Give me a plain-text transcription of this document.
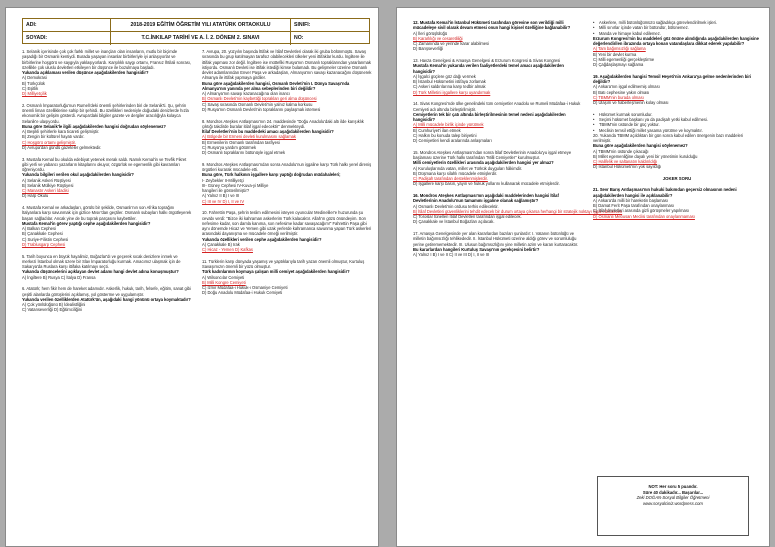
ADI:	2018-2019 EĞİTİM ÖĞRETİM YILI ATATÜRK ORTAOKULU	SINIFI:
SOYADI:	T.C.İNKILAP TARİHİ VE A. İ. 2. DÖNEM 2. SINAVI	NO:
1. Selanik içerisinde çok çok farklı millet ve inançları olan insanların, mutlu bir biçimde yaşadığı bir Osmanlı kentiydi. Burada yaşayan insanlar birbirleriyle iyi anlaşıyorlar ve birbirlerine hoşgörü ve saygıyla yaklaşıyorlardı. Karşılıklı saygı ortamı, Fransız İhtilali sonrası, özellikle çok uluslu devletleri etkileyen bir düşünce ile bozulmaya başladı.
Yukarıda açıklaması verilen düşünce aşağıdakilerden hangisidir?
A) Demokrasi
B) Türkçülük
C) Eşitlik
D) Milliyetçilik
2. Osmanlı İmparatorluğu'nun Rumeli'deki önemli şehirlerinden biri de Selanik'ti. Şu, şehrin önemli liman özelliklerine sahip bir şehirdi. Bu özellikleri nedeniyle doğudaki denizlerde hızla ekonomik bir gelişim gösterdi. Avrupa'daki bilgiler gazete ve dergiler aracılığıyla kolayca Selanik'e ulaşıyordu.
Buna göre Selanik'le ilgili aşağıdakilerden hangisi doğrudan söylenemez?
A) Beşikli şehirlerle kara ticareti gelişmiştir.
B) Zengin bir kültürel hayatı vardır.
C) Hoşgörü ortamı gelişmiştir.
D) Avrupa'dan gündü gazeteler gelmektedir.
3. Mustafa Kemal bu okulda edebiyat yetenek merak saldı. Namık Kemal'in ve Tevfik Fikret gibi yerli ve yabancı yazarların kitaplarını okuyor, özgürlük ve egemenlik gibi kavramları öğreniyordu.
Yukarıda bilgileri verilen okul aşağıdakilerden hangisidir?
A) Selanik Askeri Rüştiyesi
B) Selanik Mülkiye Rüştiyesi
C) Manastır Askeri İdadisi
D) Harp Okulu
4. Mustafa Kemal ve arkadaşları, görülü bir şekilde, Osmanlı'nın son Afrika toprağını İtalyanlara karşı savunmak için gizlice Mısır'dan geçtiler. Osmanlı subayları halkı örgütleyerek başarı sağladılar. Ancak yine de bu toprak parçasını kaybettiler.
Mustafa Kemal'in görev yaptığı cephe aşağıdakilerden hangisidir?
A) Balkan Cephesi
B) Çanakkale Cephesi
C) Suriye-Filistin Cephesi
D) Trablusgarp Cephesi
5. Tarih boyunca en büyük hayalimiz, Boğazlar'dı ve geçerek sıcak denizlere inmek ve merkezi İstanbul olmak üzere bir Slav İmparatorluğu kurmak. Amacımız ulaşmak için de Sakarya'da Ruslara karşı ittifaka katılmayı seçti.
Yukarıda düşüncelerini açıklayan devlet adamı hangi devlet adına konuşmuştur?
A) İngiltere B) Rusya C) İtalya D) Fransa
6. Atatürk; hem fikir hem de hareket adamıdır. Askerlik, hukuk, tarih, felsefe, eğitim, sanat gibi çeşitli alanlarda görüşlerini açıklamış, yol gösterme ve uygulamıştır.
Yukarıda verilen özelliklerden Atatürk'ün, aşağıdaki hangi yönünü ortaya koymaktadır?
A) Çok yönlülüğünü B) İdealistliğini
C) Vatanseverliği D) Eğitimciliğini
7. Avrupa, 20. yüzyılın başında İttifak ve İtilaf Devletleri olarak iki gruba bölünmüştü. Savaş sırasında bu grup katılmayan tarafsız olabilecekleri ülkeler yeni ittifaklar kurdu. İngiltere ile ittifak yapması zor değil. İngiltere ise müttefiki Rusya'nın Osmanlı topraklarından yararlanmak istiyordu. Osmanlı Devleti ise ittifak istediği kimse bulamadı. Bu gelişmeler üzerine Osmanlı devlet adamlarından Enver Paşa ve arkadaşları, Almanya'nın savaşı kazanacağını düşünerek Almanya ile ittifak yapmaya girdiler.
Buna göre aşağıdakilerden hangisi, Osmanlı Devleti'nin I. Dünya Savaşı'nda Almanya'nın yanında yer alma sebeplerinden biri değildir?
A) Almanya'nın savaşı kazanacağına olan inancı
B) Osmanlı Devleti'nin kaybettiği toprakları geri alma düşüncesi
C) Savaş sırasında Osmanlı Devleti'nin yalnız kalma korkusu
D) Rusya'nın Osmanlı Devleti'nin topraklarını paylaşmak istemesi
8. Mondros Ateşkes Antlaşması'nın 24. maddesinde "Doğu Anadolu'daki altı ilde karışıklık çıktığı takdirde buralar itilaf işgal edecektir" denmekteydi.
İtilaf Devletleri'nin bu maddedeki amacı aşağıdakilerden hangisidir?
A) Bölgede bir Ermeni devleti kurulmasını sağlamak
B) Ermenilerin Osmanlı tarafından tasfiyesi
C) Rusya'ya yardım götürmek
D) Osmanlı topraklarını bütünüyle işgal etmek
9. Mondros Ateşkes Antlaşması'ndan sonra Anadolu'nun işgaline karşı Türk halkı yerel direniş örgütleri kurarak mücadele etti.
Buna göre, Türk halkının işgallere karşı yaptığı doğrudan müdahaleleri;
I- Zeybekler II-Milliyetçi
III- Güney Cephesi IV-Kuva-yi Milliye
hangileri ile gösterilmiştir?
A) Yalnız II B) I ve III
C) III ve IV D) I, II ve IV
10. Fahrettin Paşa, şehrin teslim edilmesini isteyen oyuncular Medineliler'e huzurunda şu cevabı verdi: "Bizce iki kahraman askerlerim Türk kalacaktır. Allah'ın gözü önündeyim. Son nefesime kadar, son damla kanıma, son nefesime kadar savaşacağım!" Fahrettin Paşa gibi aynı dönemde Hicaz ve Yemen gibi uzak yerlerde kahramanca savunma yapan Türk askerleri arasındaki dayanışma ve mücadele örneği verilmiştir.
Yukarıda özellikleri verilen cephe aşağıdakilerden hangisidir?
A) Çanakkale B) Irak
C) Hicaz - Yemen D) Kafkas
11. Türklerin karşı dünyada yaşamış ve yaptıklarıyla tarih yazan önemli olmuştur, Kurtuluş Savaşımızın önemli bir yüzü olmuştur.
Türk kadınlarının koymaya çalışan milli cemiyet aşağıdakilerden hangisidir?
A) Wilsoncılar Cemiyeti
B) Milli Kongre Cemiyeti
C) İzmir Müdafaa-i Hukuk-ı Osmaniye Cemiyeti
D) Doğu Anadolu Müdafaa-i Hukuk Cemiyeti
12. Mustafa Kemal'in İstanbul Hükümeti tarafından görevine son verildiği milli mücadeleye sivil olarak devam etmesi onun hangi kişisel özelliğine bağlanabilir?
A) İleri görüşlülüğü
B) Kararlılığı ve cesaretliliği
C) Zamanında ve yerinde karar alabilmesi
D) Barışseverliği
13. Havza Genelgesi & Amasya Genelgesi & Erzurum Kongresi & Sivas Kongresi
Mustafa Kemal'in yukarıda verilen faaliyetlerdeki temel amacı aşağıdakilerden hangisidir?
A) İşgalci güçlere göz dağı vermek
B) İstanbul Hükümetini istifaya zorlamak
C) Askeri saldırılarına karşı tedbir almak
D) Türk Milletini işgallere karşı uyandırmak
14. Sivas Kongresi'nde ülke genelindeki tüm cemiyetler Anadolu ve Rumeli Müdafaa-i Hukuk Cemiyeti adı altında birleştirilmiştir.
Cemiyetlerin tek bir çatı altında birleştirilmesinin temel nedeni aşağıdakilerden hangisidir?
A) Milli mücadele birlik içinde yürütmek
B) Cumhuriyet'i ilan etmek
C) Halkın bu konuda talep biriyetini
D) Cemiyetleri kendi aralarında anlaşmaları
15. Mondros Ateşkes Antlaşması'ndan sonra İtilaf Devletlerinin Anadolu'yu işgal etmeye başlaması üzerine Türk halkı tarafından "Milli Cemiyetler" kurulmuştur.
Milli cemiyetlerin özellikleri arasında aşağıdakilerden hangisi yer almaz?
A) Kuruluşlarında vatan, millet ve Türkük duyguları hâkimdir.
B) Düşmana karşı silahlı mücadele etmişlerdir.
C) Padişah tarafından desteklenmişlerdir.
D) İşgallere karşı basın, yayın ve hukuk yollarını kullanarak mücadele etmişlerdir.
16. Mondros Ateşkes Antlaşması'nın aşağıdaki maddelerinden hangisi İtilaf Devletlerinin Anadolu'nun tamamını işgaline olanak sağlamıştır?
A) Osmanlı Devleti'nin ordusu terhis edilecektir.
B) İtilaf Devletleri güvenliklerini tehdit edecek bir durum ortaya çıkarsa herhangi bir stratejik noktayı işgal edebilecek
C) Toroslar tünelleri İtilaf Devletleri tarafından işgal edilecek.
D) Çanakkale ve İstanbul Boğazları açılacak.
17. Amasya Genelgesinde yer alan kararlardan bazıları şunlardır: I. Vatanın bütünlüğü ve milletin bağımsızlığı tehlikededir. II. İstanbul Hükümeti üzerine aldığı görev ve sorumluluğu yerine getirememektedir. III. Ulusun bağımsızlığını yine milletin azim ve kararı kurtaracaktır.
Bu kararlardan hangileri Kurtuluş Savaşı'nın gerekçesini belirtir?
A) Yalnız I B) I ve II C) II ve III D) I, II ve III
• Askerlere, milli bütünlüğümüzü sağladıkça görevlendirilmek işleri.
• Milli sınırlar içinde vatan bir bütündür, bölünemez.
• Manda ve himaye kabul edilemez.
Erzurum Kongresi'nin bu maddeleri göz önüne alındığında aşağıdakilerden hangisine değerlendirilen ibrazında ortaya konan vatandaşlara dikkat ederek yapılabilir?
A) Tam bağımsızlığı sağlama
B) Yeni bir devlet kurma
C) Milli egemenliği gerçekleştirme
D) Çağdaşlaşmayı sağlama
19. Aşağıdakilerden hangisi Temsil Heyeti'nin Ankara'ya gelme nedenlerinden biri değildir?
A) Ankara'nın işgal edilmemiş olması
B) Batı cephesine yakın olması
C) TBMM'nin burada olması
D) Ulaşım ve haberleşmenin kolay olması
• Hükümet kurmak sorumludur.
• Seçimi hükümet başkanı ya da padişah yetki kabul edilmesi.
• TBMM'nin üstünde bir güç yoktur.
• Meclisin temsil ettiği millet yasama yürütme ve koymaktır.
20. Yukarıda TBMM açıldıktan bir gün sonra kabul edilen önergenin bazı maddeleri verilmiştir.
Buna göre aşağıdakilerden hangisi söylenemez?
A) TBMM'nin üstünde çıkacağı
B) Millet egemenliğine dayalı yeni bir yönetimin kurulduğu
C) Halifelik ve saltanatın kaldırıldığı
D) İstanbul Hükümeti'nin yok sayıldığı
JOKER SORU
21. Sevr Barış Antlaşması'nın hukuki bakımdan geçersiz olmasının nedeni aşağıdakilerden hangisi ile açıklanabilir?
A) Ankara'da milli bir hareketin başlaması
B) Damat Ferit Paşa tarafından onaylanması
C) İtilaf devletleri arasında gizli görüşmeler yapılması
D) Osmanlı Mebusan Meclisi tarafından onaylanmaması
NOT: Her soru 5 puandır.
Süre 40 dakikadır... Başarılar...
Zeki DOĞAN-Sosyal Bilgiler Öğretmeni
www.sosyalciniz.wordpress.com
